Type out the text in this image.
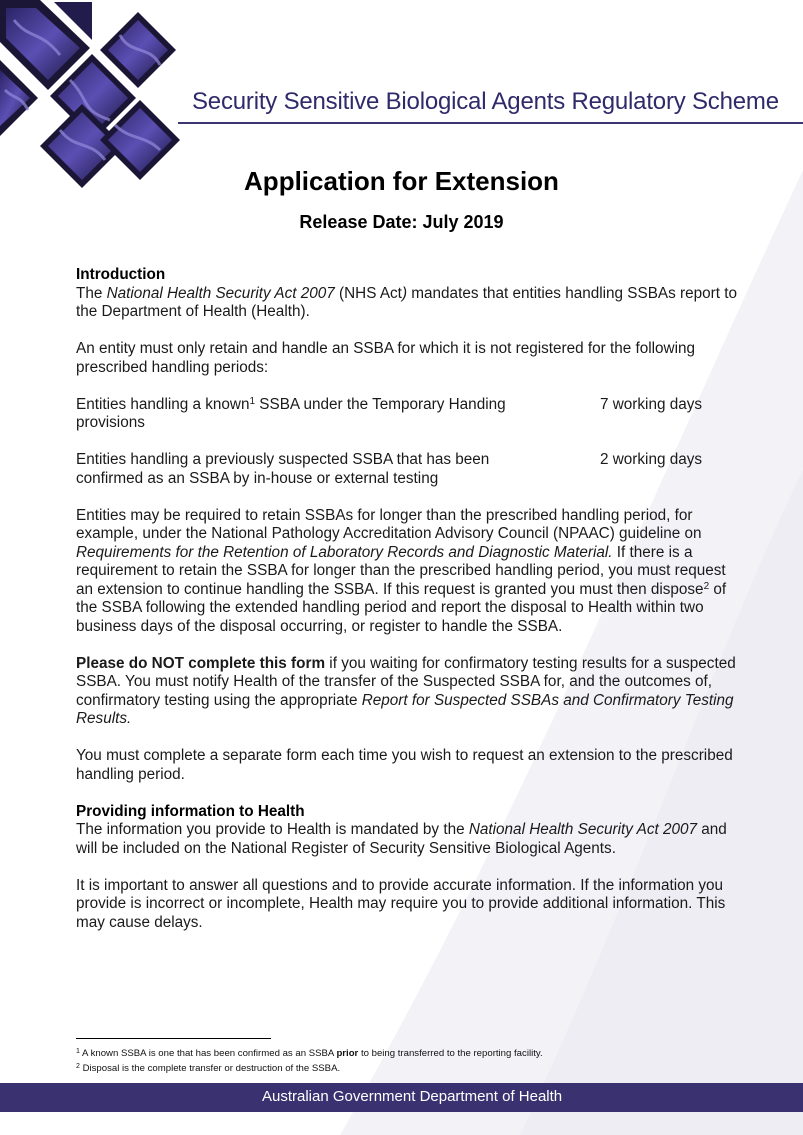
Security Sensitive Biological Agents Regulatory Scheme
Application for Extension
Release Date: July 2019
Introduction

The National Health Security Act 2007 (NHS Act) mandates that entities handling SSBAs report to the Department of Health (Health).

An entity must only retain and handle an SSBA for which it is not registered for the following prescribed handling periods:

Entities handling a known$^1$ SSBA under the Temporary Handing provisions
7 working days
Entities handling a previously suspected SSBA that has been confirmed as an SSBA by in-house or external testing
2 working days

Entities may be required to retain SSBAs for longer than the prescribed handling period, for example, under the National Pathology Accreditation Advisory Council (NPAAC) guideline on Requirements for the Retention of Laboratory Records and Diagnostic Material. If there is a requirement to retain the SSBA for longer than the prescribed handling period, you must request an extension to continue handling the SSBA. If this request is granted you must then dispose$^2$ of the SSBA following the extended handling period and report the disposal to Health within two business days of the disposal occurring, or register to handle the SSBA.

Please do NOT complete this form if you waiting for confirmatory testing results for a suspected SSBA. You must notify Health of the transfer of the Suspected SSBA for, and the outcomes of, confirmatory testing using the appropriate Report for Suspected SSBAs and Confirmatory Testing Results.

You must complete a separate form each time you wish to request an extension to the prescribed handling period.

Providing information to Health

The information you provide to Health is mandated by the National Health Security Act 2007 and will be included on the National Register of Security Sensitive Biological Agents.

It is important to answer all questions and to provide accurate information. If the information you provide is incorrect or incomplete, Health may require you to provide additional information. This may cause delays.

$^1$ A known SSBA is one that has been confirmed as an SSBA prior to being transferred to the reporting facility.
$^2$ Disposal is the complete transfer or destruction of the SSBA.
Australian Government Department of Health
